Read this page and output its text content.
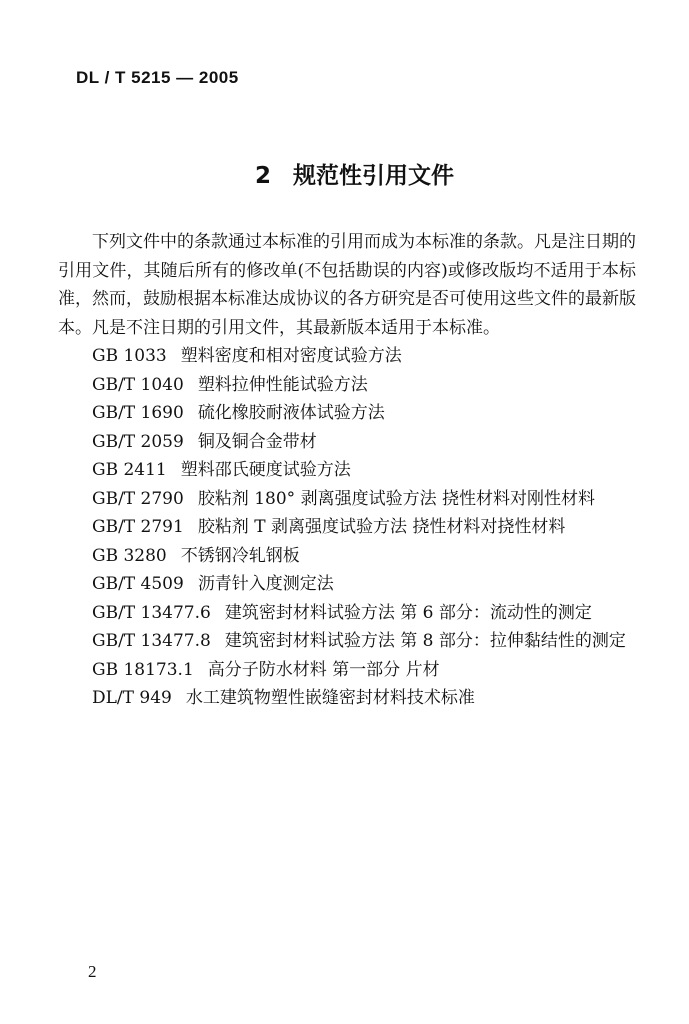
DL / T 5215 — 2005
2 规范性引用文件

下列文件中的条款通过本标准的引用而成为本标准的条款。凡是注日期的引用文件，其随后所有的修改单(不包括勘误的内容)或修改版均不适用于本标准，然而，鼓励根据本标准达成协议的各方研究是否可使用这些文件的最新版本。凡是不注日期的引用文件，其最新版本适用于本标准。

GB 1033 塑料密度和相对密度试验方法
GB/T 1040 塑料拉伸性能试验方法
GB/T 1690 硫化橡胶耐液体试验方法
GB/T 2059 铜及铜合金带材
GB 2411 塑料邵氏硬度试验方法
GB/T 2790 胶粘剂 180° 剥离强度试验方法 挠性材料对刚性材料
GB/T 2791 胶粘剂 T 剥离强度试验方法 挠性材料对挠性材料
GB 3280 不锈钢冷轧钢板
GB/T 4509 沥青针入度测定法
GB/T 13477.6 建筑密封材料试验方法 第 6 部分：流动性的测定
GB/T 13477.8 建筑密封材料试验方法 第 8 部分：拉伸黏结性的测定
GB 18173.1 高分子防水材料 第一部分 片材
DL/T 949 水工建筑物塑性嵌缝密封材料技术标准
2
